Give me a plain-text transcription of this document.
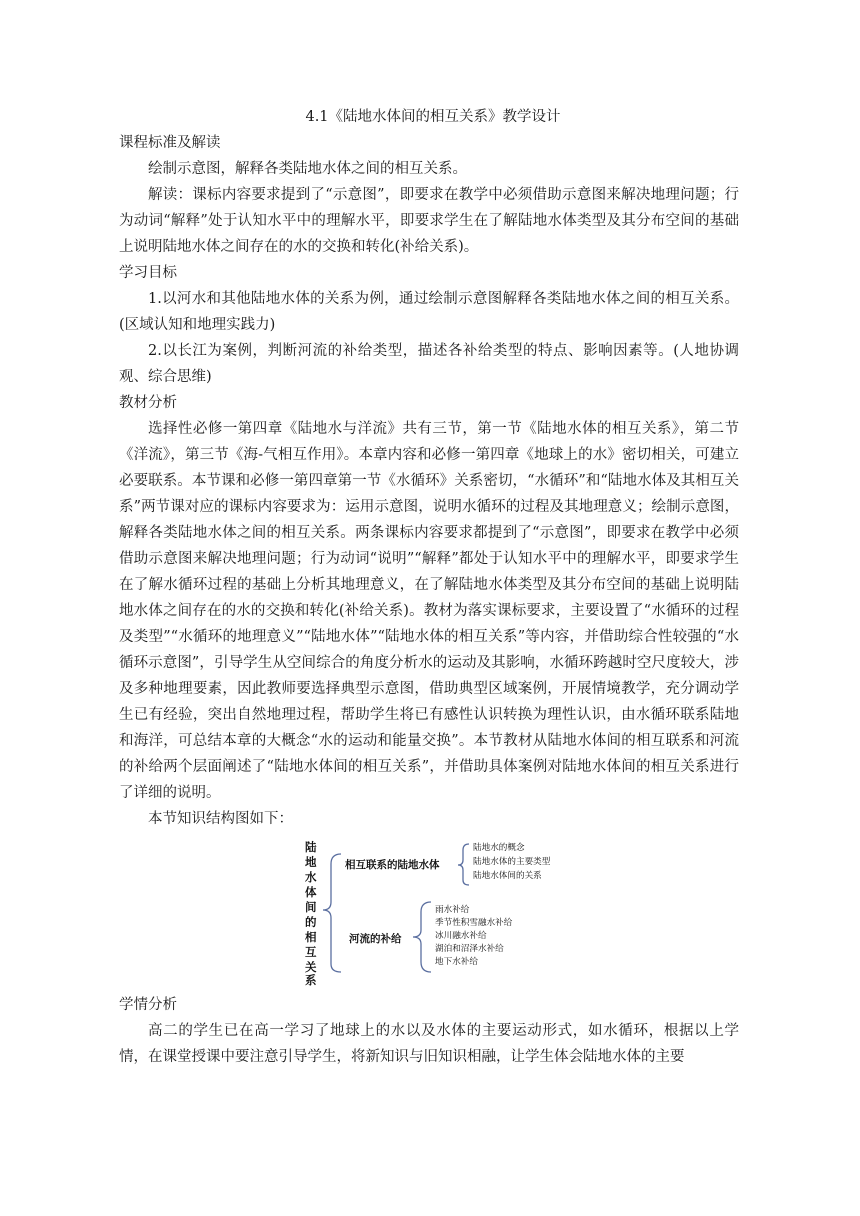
4.1《陆地水体间的相互关系》教学设计

课程标准及解读

绘制示意图，解释各类陆地水体之间的相互关系。

解读：课标内容要求提到了“示意图”，即要求在教学中必须借助示意图来解决地理问题；行为动词“解释”处于认知水平中的理解水平，即要求学生在了解陆地水体类型及其分布空间的基础上说明陆地水体之间存在的水的交换和转化(补给关系)。

学习目标

1.以河水和其他陆地水体的关系为例，通过绘制示意图解释各类陆地水体之间的相互关系。(区域认知和地理实践力)

2.以长江为案例，判断河流的补给类型，描述各补给类型的特点、影响因素等。(人地协调观、综合思维)

教材分析

选择性必修一第四章《陆地水与洋流》共有三节，第一节《陆地水体的相互关系》，第二节《洋流》，第三节《海-气相互作用》。本章内容和必修一第四章《地球上的水》密切相关，可建立必要联系。本节课和必修一第四章第一节《水循环》关系密切，“水循环”和“陆地水体及其相互关系”两节课对应的课标内容要求为：运用示意图，说明水循环的过程及其地理意义；绘制示意图，解释各类陆地水体之间的相互关系。两条课标内容要求都提到了“示意图”，即要求在教学中必须借助示意图来解决地理问题；行为动词“说明”“解释”都处于认知水平中的理解水平，即要求学生在了解水循环过程的基础上分析其地理意义，在了解陆地水体类型及其分布空间的基础上说明陆地水体之间存在的水的交换和转化(补给关系)。教材为落实课标要求，主要设置了“水循环的过程及类型”“水循环的地理意义”“陆地水体”“陆地水体的相互关系”等内容，并借助综合性较强的“水循环示意图”，引导学生从空间综合的角度分析水的运动及其影响，水循环跨越时空尺度较大，涉及多种地理要素，因此教师要选择典型示意图，借助典型区域案例，开展情境教学，充分调动学生已有经验，突出自然地理过程，帮助学生将已有感性认识转换为理性认识，由水循环联系陆地和海洋，可总结本章的大概念“水的运动和能量交换”。本节教材从陆地水体间的相互联系和河流的补给两个层面阐述了“陆地水体间的相互关系”，并借助具体案例对陆地水体间的相互关系进行了详细的说明。

本节知识结构图如下：

陆
地
水
体
间
的
相
互
关
系
相互联系的陆地水体
陆地水的概念
陆地水体的主要类型
陆地水体间的关系
河流的补给
雨水补给
季节性积雪融水补给
冰川融水补给
湖泊和沼泽水补给
地下水补给

学情分析

高二的学生已在高一学习了地球上的水以及水体的主要运动形式，如水循环，根据以上学情，在课堂授课中要注意引导学生，将新知识与旧知识相融，让学生体会陆地水体的主要
